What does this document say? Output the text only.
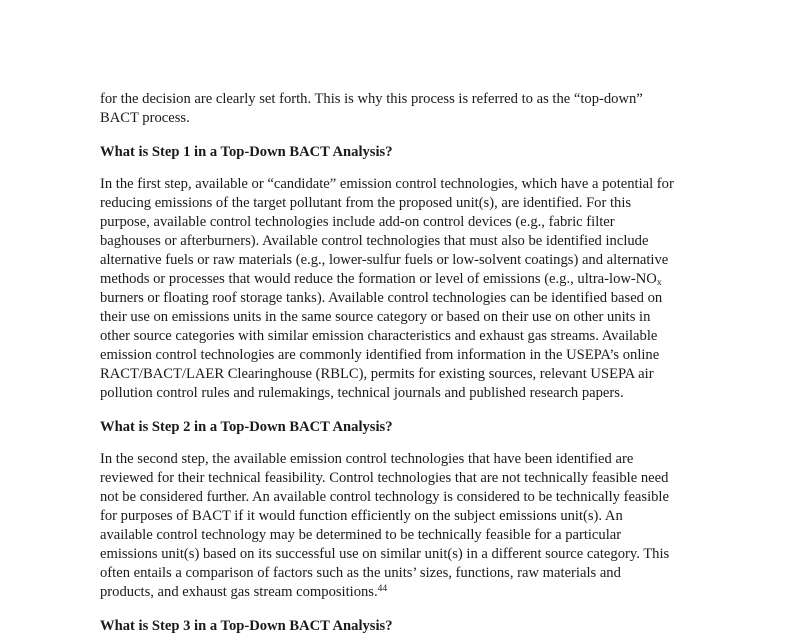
for the decision are clearly set forth. This is why this process is referred to as the “top-down”
BACT process.
What is Step 1 in a Top-Down BACT Analysis?
In the first step, available or “candidate” emission control technologies, which have a potential for
reducing emissions of the target pollutant from the proposed unit(s), are identified. For this
purpose, available control technologies include add-on control devices (e.g., fabric filter
baghouses or afterburners). Available control technologies that must also be identified include
alternative fuels or raw materials (e.g., lower-sulfur fuels or low-solvent coatings) and alternative
methods or processes that would reduce the formation or level of emissions (e.g., ultra-$low-NO_x$
burners or floating roof storage tanks). Available control technologies can be identified based on
their use on emissions units in the same source category or based on their use on other units in
other source categories with similar emission characteristics and exhaust gas streams. Available
emission control technologies are commonly identified from information in the USEPA’s online
RACT/BACT/LAER Clearinghouse (RBLC), permits for existing sources, relevant USEPA air
pollution control rules and rulemakings, technical journals and published research papers.
What is Step 2 in a Top-Down BACT Analysis?
In the second step, the available emission control technologies that have been identified are
reviewed for their technical feasibility. Control technologies that are not technically feasible need
not be considered further. An available control technology is considered to be technically feasible
for purposes of BACT if it would function efficiently on the subject emissions unit(s). An
available control technology may be determined to be technically feasible for a particular
emissions unit(s) based on its successful use on similar unit(s) in a different source category. This
often entails a comparison of factors such as the units’ sizes, functions, raw materials and
products, and exhaust gas stream compositions.$^{44}$
What is Step 3 in a Top-Down BACT Analysis?
